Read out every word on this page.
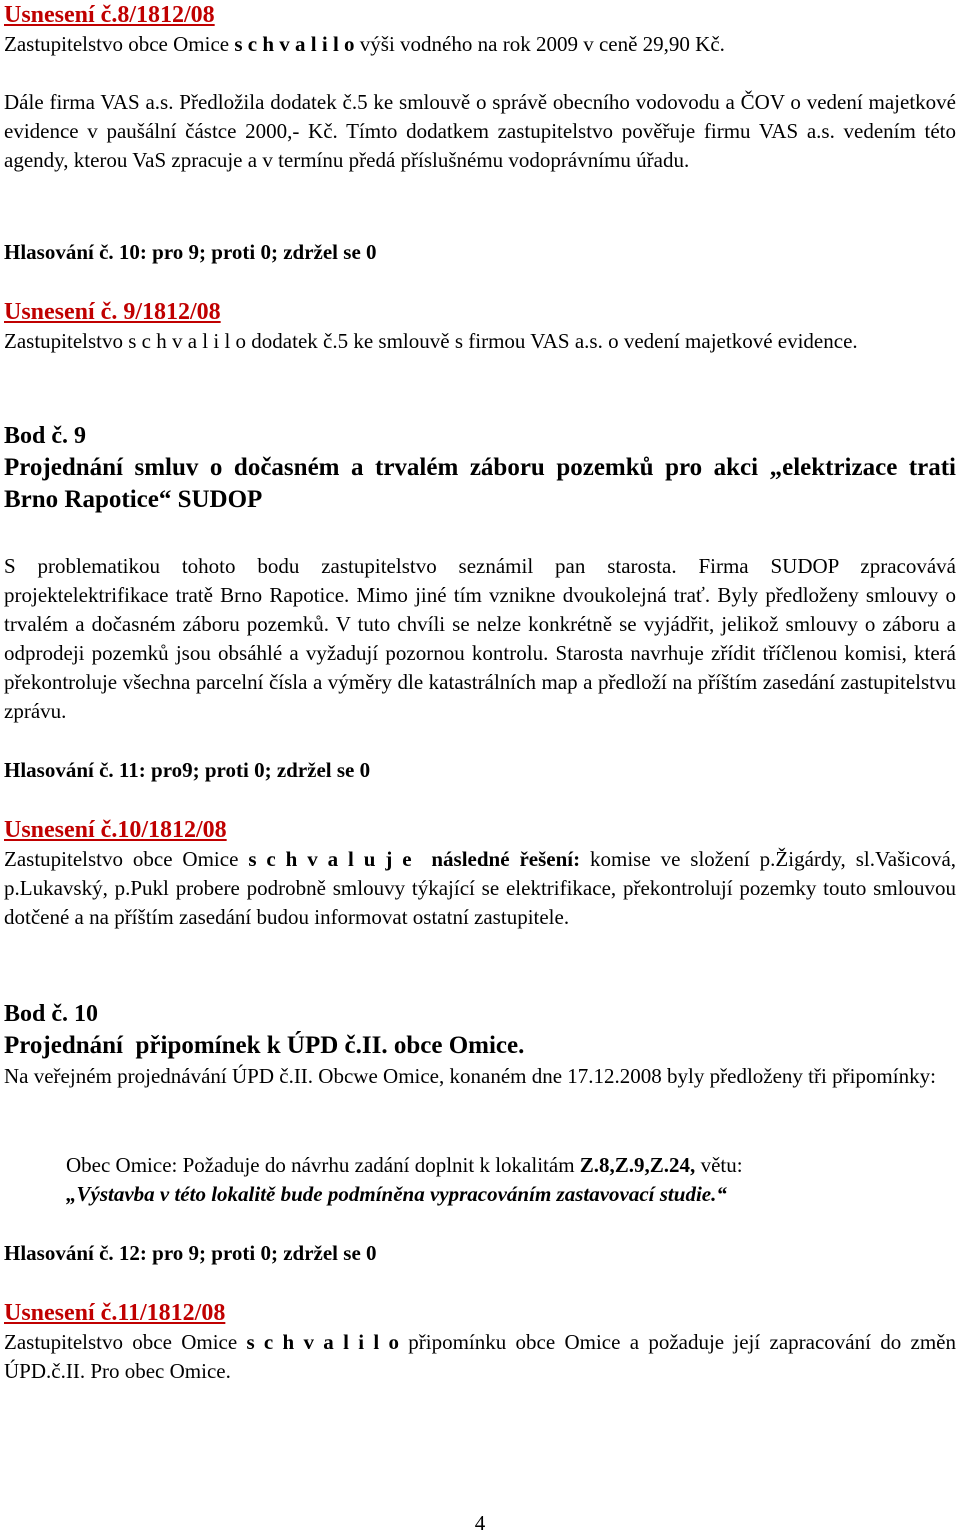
Usnesení č.8/1812/08
Zastupitelstvo obce Omice s c h v a l i l o výši vodného na rok 2009 v ceně 29,90 Kč.
Dále firma VAS a.s. Předložila dodatek č.5 ke smlouvě o správě obecního vodovodu a ČOV o vedení majetkové evidence v paušální částce 2000,- Kč. Tímto dodatkem zastupitelstvo pověřuje firmu VAS a.s. vedením této agendy, kterou VaS zpracuje a v termínu předá příslušnému vodoprávnímu úřadu.
Hlasování č. 10: pro 9; proti 0; zdržel se 0
Usnesení č. 9/1812/08
Zastupitelstvo s c h v a l i l o dodatek č.5 ke smlouvě s firmou VAS a.s. o vedení majetkové evidence.
Bod č. 9
Projednání smluv o dočasném a trvalém záboru pozemků pro akci „elektrizace trati Brno Rapotice“ SUDOP
S problematikou tohoto bodu zastupitelstvo seznámil pan starosta. Firma SUDOP zpracovává projektelektrifikace tratě Brno Rapotice. Mimo jiné tím vznikne dvoukolejná trať. Byly předloženy smlouvy o trvalém a dočasném záboru pozemků. V tuto chvíli se nelze konkrétně se vyjádřit, jelikož smlouvy o záboru a odprodeji pozemků jsou obsáhlé a vyžadují pozornou kontrolu. Starosta navrhuje zřídit tříčlenou komisi, která překontroluje všechna parcelní čísla a výměry dle katastrálních map a předloží na příštím zasedání zastupitelstvu zprávu.
Hlasování č. 11: pro9; proti 0; zdržel se 0
Usnesení č.10/1812/08
Zastupitelstvo obce Omice s c h v a l u j e  následné řešení: komise ve složení p.Žigárdy, sl.Vašicová, p.Lukavský, p.Pukl probere podrobně smlouvy týkající se elektrifikace, překontrolují pozemky touto smlouvou dotčené a na příštím zasedání budou informovat ostatní zastupitele.
Bod č. 10
Projednání  připomínek k ÚPD č.II. obce Omice.
Na veřejném projednávání ÚPD č.II. Obcwe Omice, konaném dne 17.12.2008 byly předloženy tři připomínky:
Obec Omice: Požaduje do návrhu zadání doplnit k lokalitám Z.8,Z.9,Z.24, větu:
„Výstavba v této lokalitě bude podmíněna vypracováním zastavovací studie.“
Hlasování č. 12: pro 9; proti 0; zdržel se 0
Usnesení č.11/1812/08
Zastupitelstvo obce Omice s c h v a l i l o připomínku obce Omice a požaduje její zapracování do změn ÚPD.č.II. Pro obec Omice.
4
